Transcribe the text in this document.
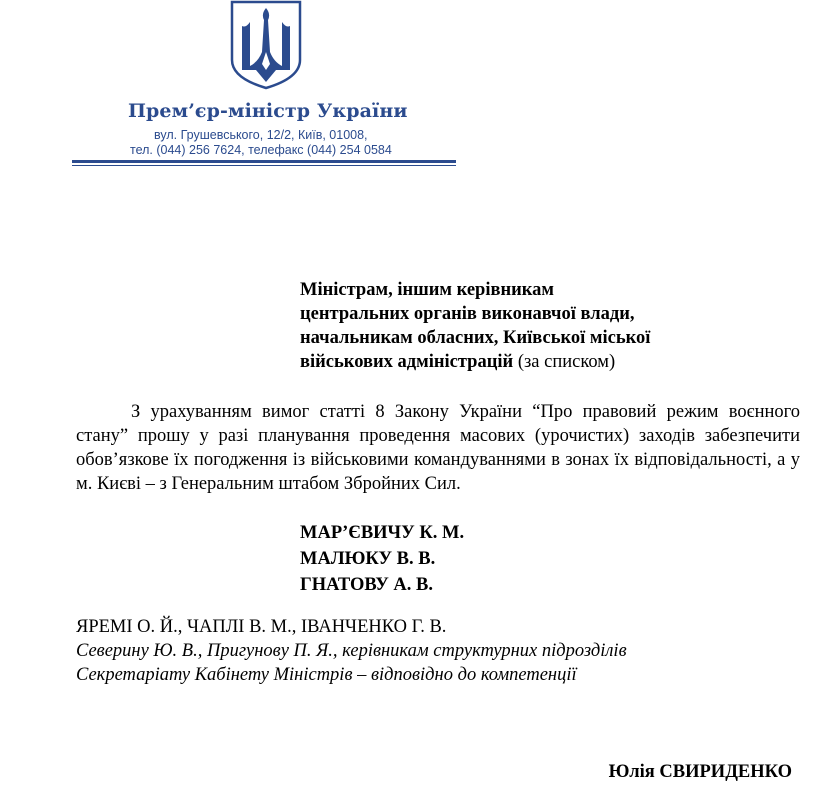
Прем’єр-міністр України
вул. Грушевського, 12/2, Київ, 01008,
тел. (044) 256 7624, телефакс (044) 254 0584
Міністрам, іншим керівникам
центральних органів виконавчої влади,
начальникам обласних, Київської міської
військових адміністрацій (за списком)
З урахуванням вимог статті 8 Закону України “Про правовий режим воєнного стану” прошу у разі планування проведення масових (урочистих) заходів забезпечити обов’язкове їх погодження із військовими командуваннями в зонах їх відповідальності, а у м. Києві – з Генеральним штабом Збройних Сил.
МАР’ЄВИЧУ К. М.
МАЛЮКУ В. В.
ГНАТОВУ А. В.
ЯРЕМІ О. Й., ЧАПЛІ В. М., ІВАНЧЕНКО Г. В.
Северину Ю. В., Пригунову П. Я., керівникам структурних підрозділів
Секретаріату Кабінету Міністрів – відповідно до компетенції
Юлія СВИРИДЕНКО
